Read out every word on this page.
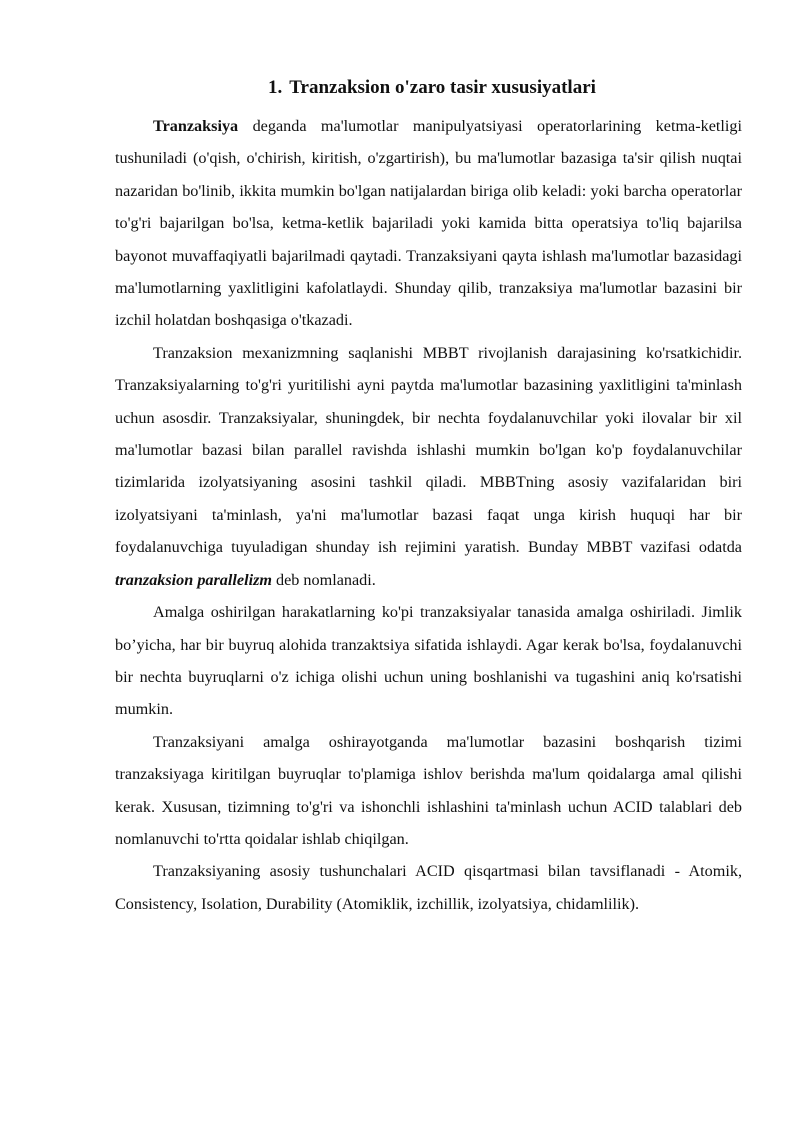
1. Tranzaksion o'zaro tasir xususiyatlari

Tranzaksiya deganda ma'lumotlar manipulyatsiyasi operatorlarining ketma-ketligi tushuniladi (o'qish, o'chirish, kiritish, o'zgartirish), bu ma'lumotlar bazasiga ta'sir qilish nuqtai nazaridan bo'linib, ikkita mumkin bo'lgan natijalardan biriga olib keladi: yoki barcha operatorlar to'g'ri bajarilgan bo'lsa, ketma-ketlik bajariladi yoki kamida bitta operatsiya to'liq bajarilsa bayonot muvaffaqiyatli bajarilmadi qaytadi. Tranzaksiyani qayta ishlash ma'lumotlar bazasidagi ma'lumotlarning yaxlitligini kafolatlaydi. Shunday qilib, tranzaksiya ma'lumotlar bazasini bir izchil holatdan boshqasiga o'tkazadi.

Tranzaksion mexanizmning saqlanishi MBBT rivojlanish darajasining ko'rsatkichidir. Tranzaksiyalarning to'g'ri yuritilishi ayni paytda ma'lumotlar bazasining yaxlitligini ta'minlash uchun asosdir. Tranzaksiyalar, shuningdek, bir nechta foydalanuvchilar yoki ilovalar bir xil ma'lumotlar bazasi bilan parallel ravishda ishlashi mumkin bo'lgan ko'p foydalanuvchilar tizimlarida izolyatsiyaning asosini tashkil qiladi. MBBTning asosiy vazifalaridan biri izolyatsiyani ta'minlash, ya'ni ma'lumotlar bazasi faqat unga kirish huquqi har bir foydalanuvchiga tuyuladigan shunday ish rejimini yaratish. Bunday MBBT vazifasi odatda tranzaksion parallelizm deb nomlanadi.

Amalga oshirilgan harakatlarning ko'pi tranzaksiyalar tanasida amalga oshiriladi. Jimlik bo’yicha, har bir buyruq alohida tranzaktsiya sifatida ishlaydi. Agar kerak bo'lsa, foydalanuvchi bir nechta buyruqlarni o'z ichiga olishi uchun uning boshlanishi va tugashini aniq ko'rsatishi mumkin.

Tranzaksiyani amalga oshirayotganda ma'lumotlar bazasini boshqarish tizimi tranzaksiyaga kiritilgan buyruqlar to'plamiga ishlov berishda ma'lum qoidalarga amal qilishi kerak. Xususan, tizimning to'g'ri va ishonchli ishlashini ta'minlash uchun ACID talablari deb nomlanuvchi to'rtta qoidalar ishlab chiqilgan.

Tranzaksiyaning asosiy tushunchalari ACID qisqartmasi bilan tavsiflanadi - Atomik, Consistency, Isolation, Durability (Atomiklik, izchillik, izolyatsiya, chidamlilik).
